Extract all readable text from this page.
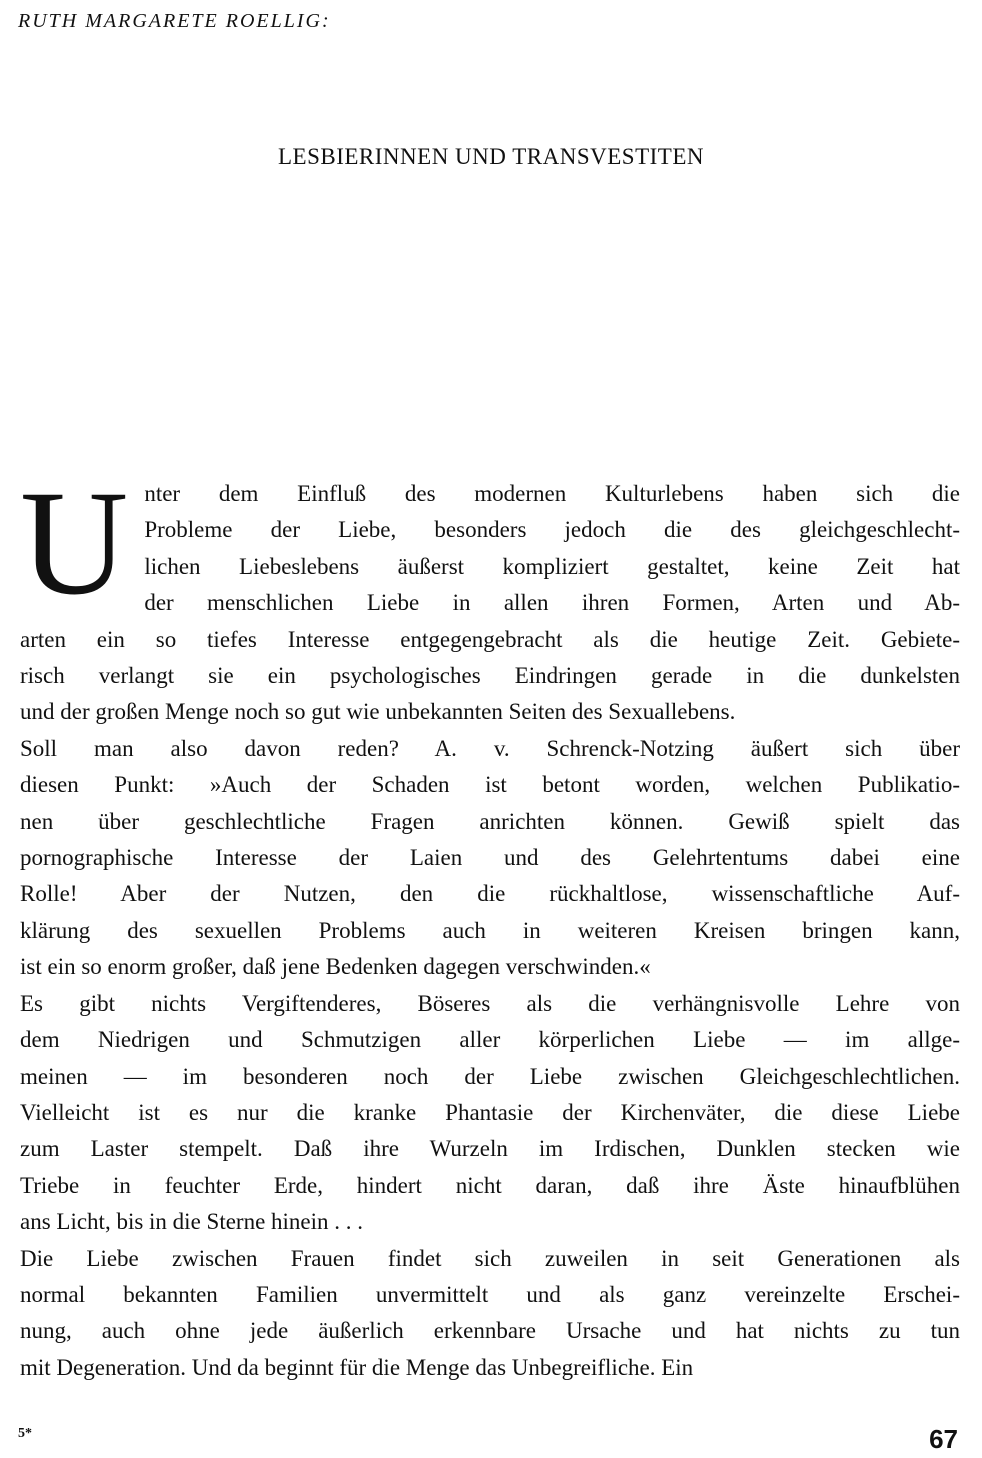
RUTH MARGARETE ROELLIG:
LESBIERINNEN UND TRANSVESTITEN
U nter dem Einfluß des modernen Kulturlebens haben sich die
Probleme der Liebe, besonders jedoch die des gleichgeschlecht-
lichen Liebeslebens äußerst kompliziert gestaltet, keine Zeit hat
der menschlichen Liebe in allen ihren Formen, Arten und Ab-
arten ein so tiefes Interesse entgegengebracht als die heutige Zeit. Gebiete-
risch verlangt sie ein psychologisches Eindringen gerade in die dunkelsten
und der großen Menge noch so gut wie unbekannten Seiten des Sexuallebens.
Soll man also davon reden? A. v. Schrenck-Notzing äußert sich über
diesen Punkt: »Auch der Schaden ist betont worden, welchen Publikatio-
nen über geschlechtliche Fragen anrichten können. Gewiß spielt das
pornographische Interesse der Laien und des Gelehrtentums dabei eine
Rolle! Aber der Nutzen, den die rückhaltlose, wissenschaftliche Auf-
klärung des sexuellen Problems auch in weiteren Kreisen bringen kann,
ist ein so enorm großer, daß jene Bedenken dagegen verschwinden.«
Es gibt nichts Vergiftenderes, Böseres als die verhängnisvolle Lehre von
dem Niedrigen und Schmutzigen aller körperlichen Liebe — im allge-
meinen — im besonderen noch der Liebe zwischen Gleichgeschlechtlichen.
Vielleicht ist es nur die kranke Phantasie der Kirchenväter, die diese Liebe
zum Laster stempelt. Daß ihre Wurzeln im Irdischen, Dunklen stecken wie
Triebe in feuchter Erde, hindert nicht daran, daß ihre Äste hinaufblühen
ans Licht, bis in die Sterne hinein . . .
Die Liebe zwischen Frauen findet sich zuweilen in seit Generationen als
normal bekannten Familien unvermittelt und als ganz vereinzelte Erschei-
nung, auch ohne jede äußerlich erkennbare Ursache und hat nichts zu tun
mit Degeneration. Und da beginnt für die Menge das Unbegreifliche. Ein
5*	67
